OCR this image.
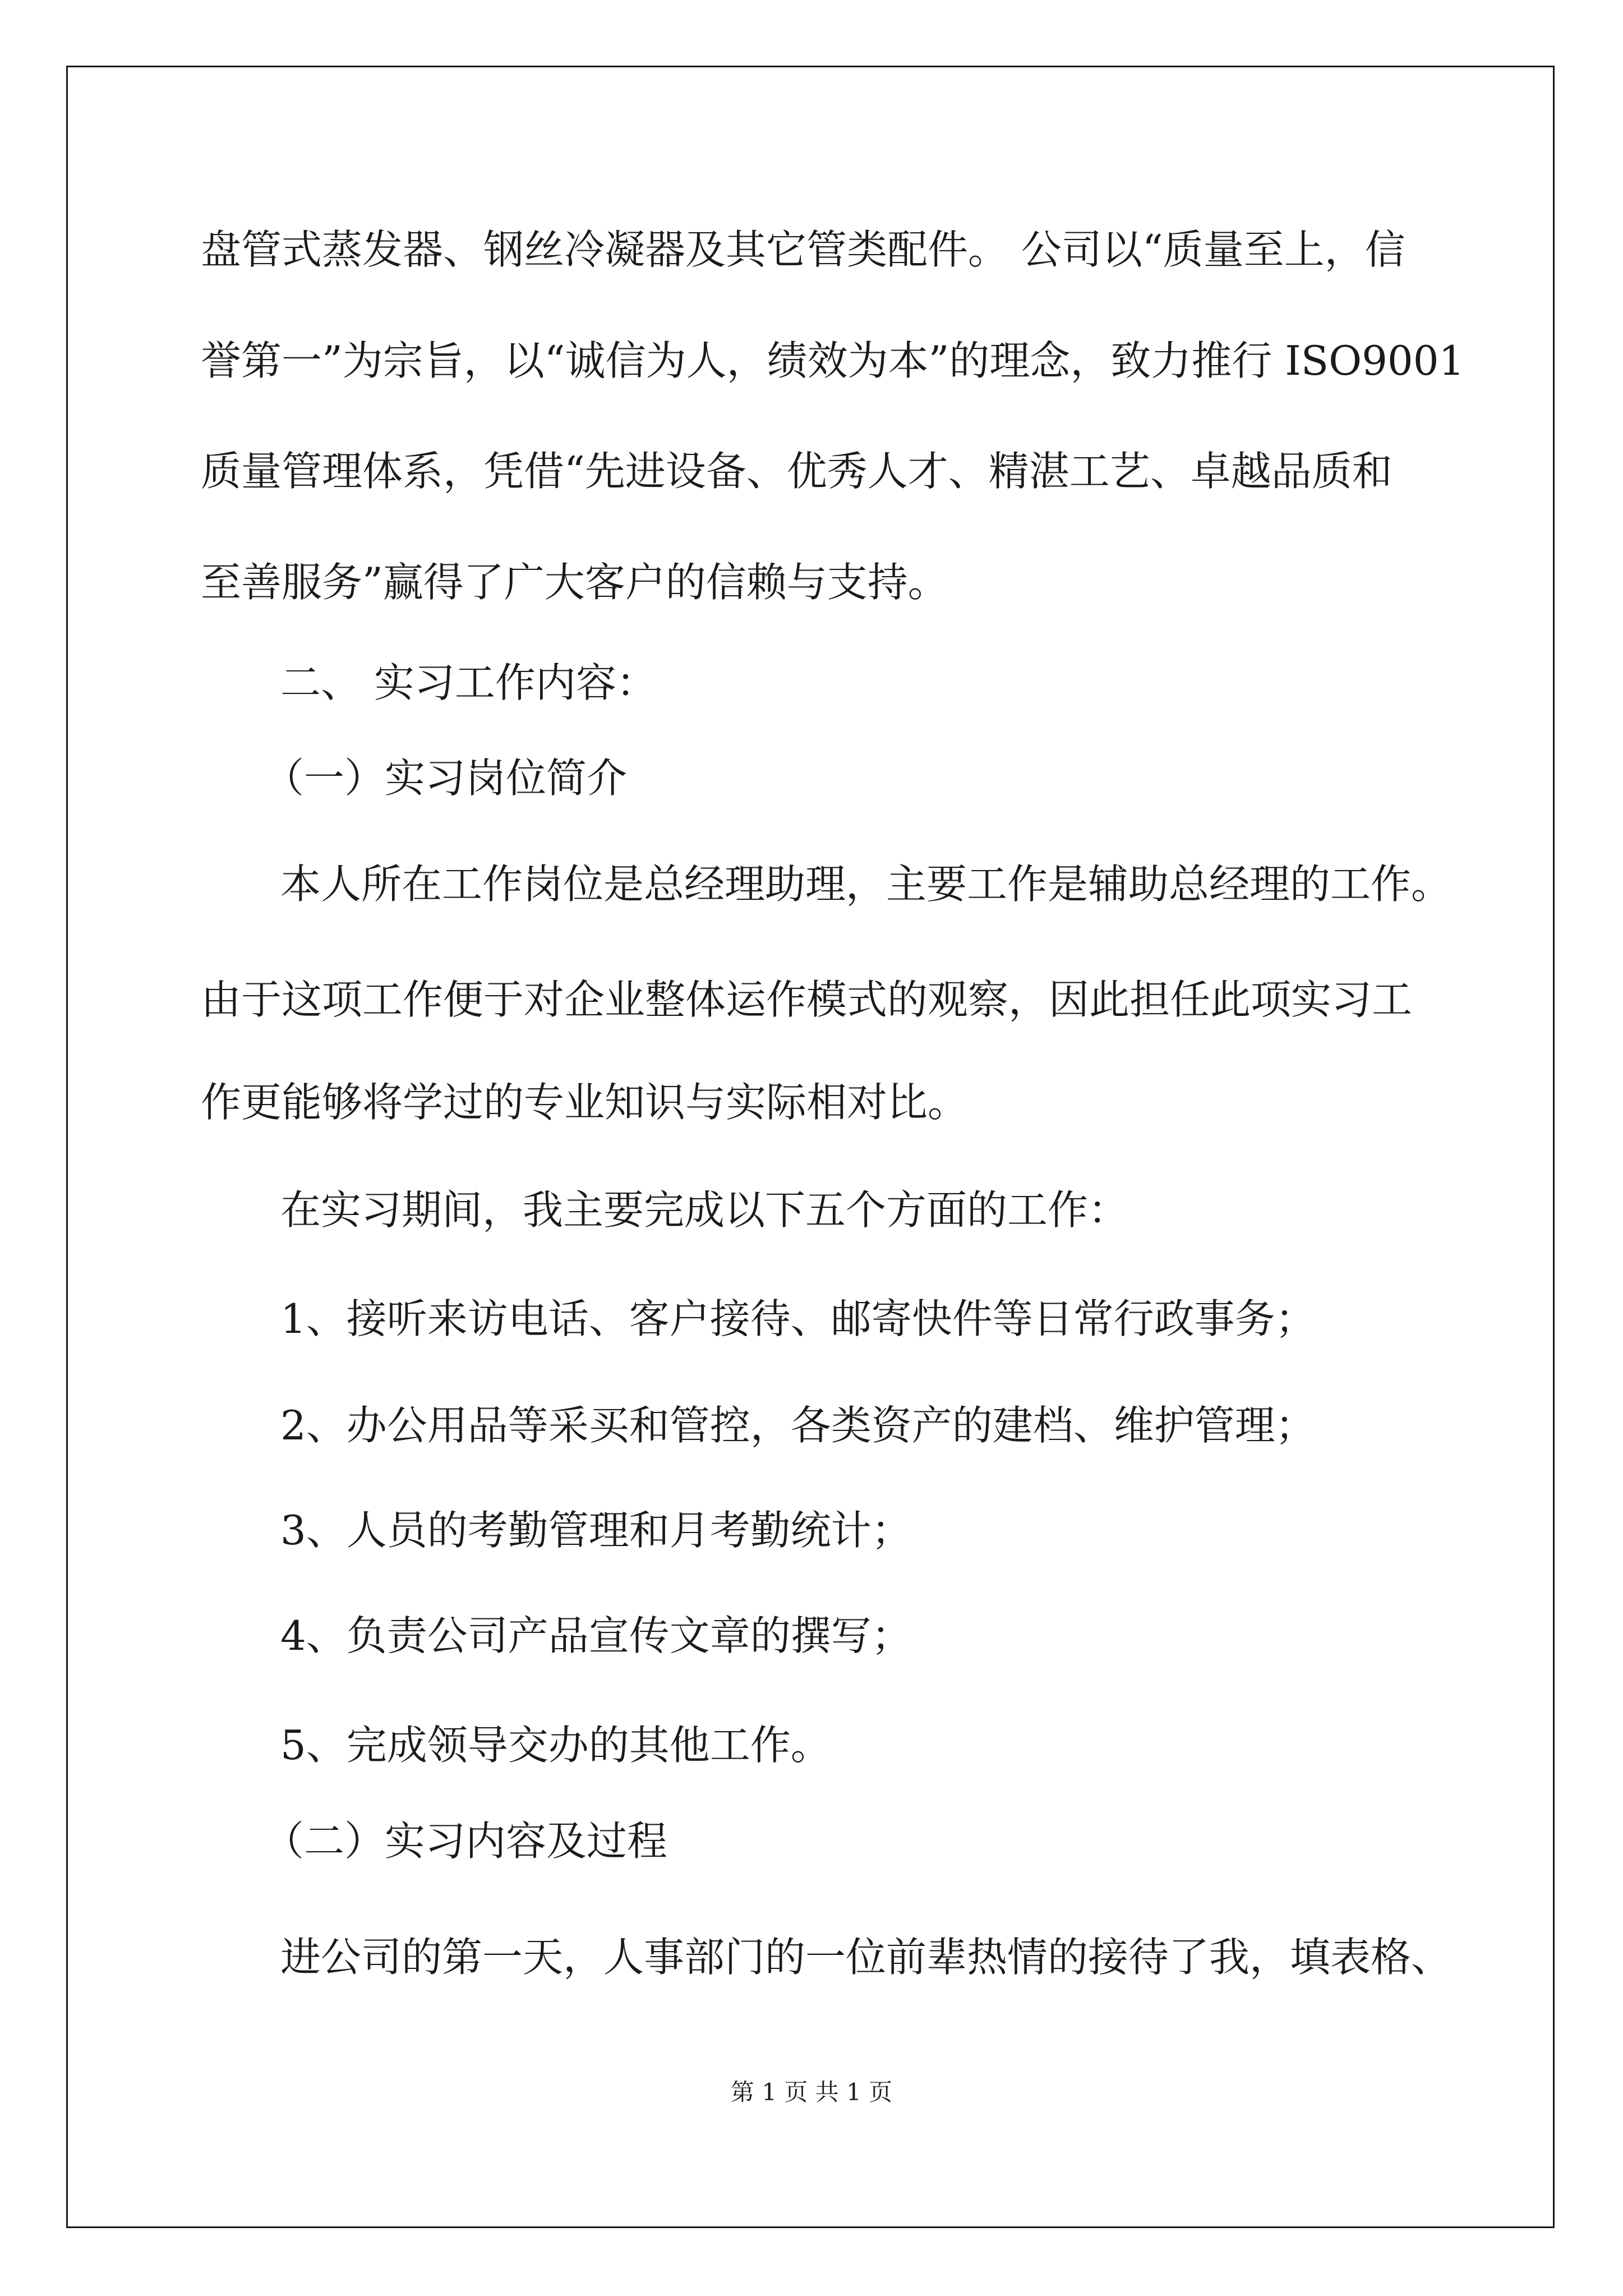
盘管式蒸发器、钢丝冷凝器及其它管类配件。 公司以“质量至上，信
誉第一”为宗旨，以“诚信为人，绩效为本”的理念，致力推行 ISO9001
质量管理体系，凭借“先进设备、优秀人才、精湛工艺、卓越品质和
至善服务”赢得了广大客户的信赖与支持。
二、 实习工作内容：
（一）实习岗位简介
本人所在工作岗位是总经理助理，主要工作是辅助总经理的工作。
由于这项工作便于对企业整体运作模式的观察，因此担任此项实习工
作更能够将学过的专业知识与实际相对比。
在实习期间，我主要完成以下五个方面的工作：
1、接听来访电话、客户接待、邮寄快件等日常行政事务；
2、办公用品等采买和管控，各类资产的建档、维护管理；
3、人员的考勤管理和月考勤统计；
4、负责公司产品宣传文章的撰写；
5、完成领导交办的其他工作。
（二）实习内容及过程
进公司的第一天，人事部门的一位前辈热情的接待了我，填表格、
第 1 页 共 1 页
